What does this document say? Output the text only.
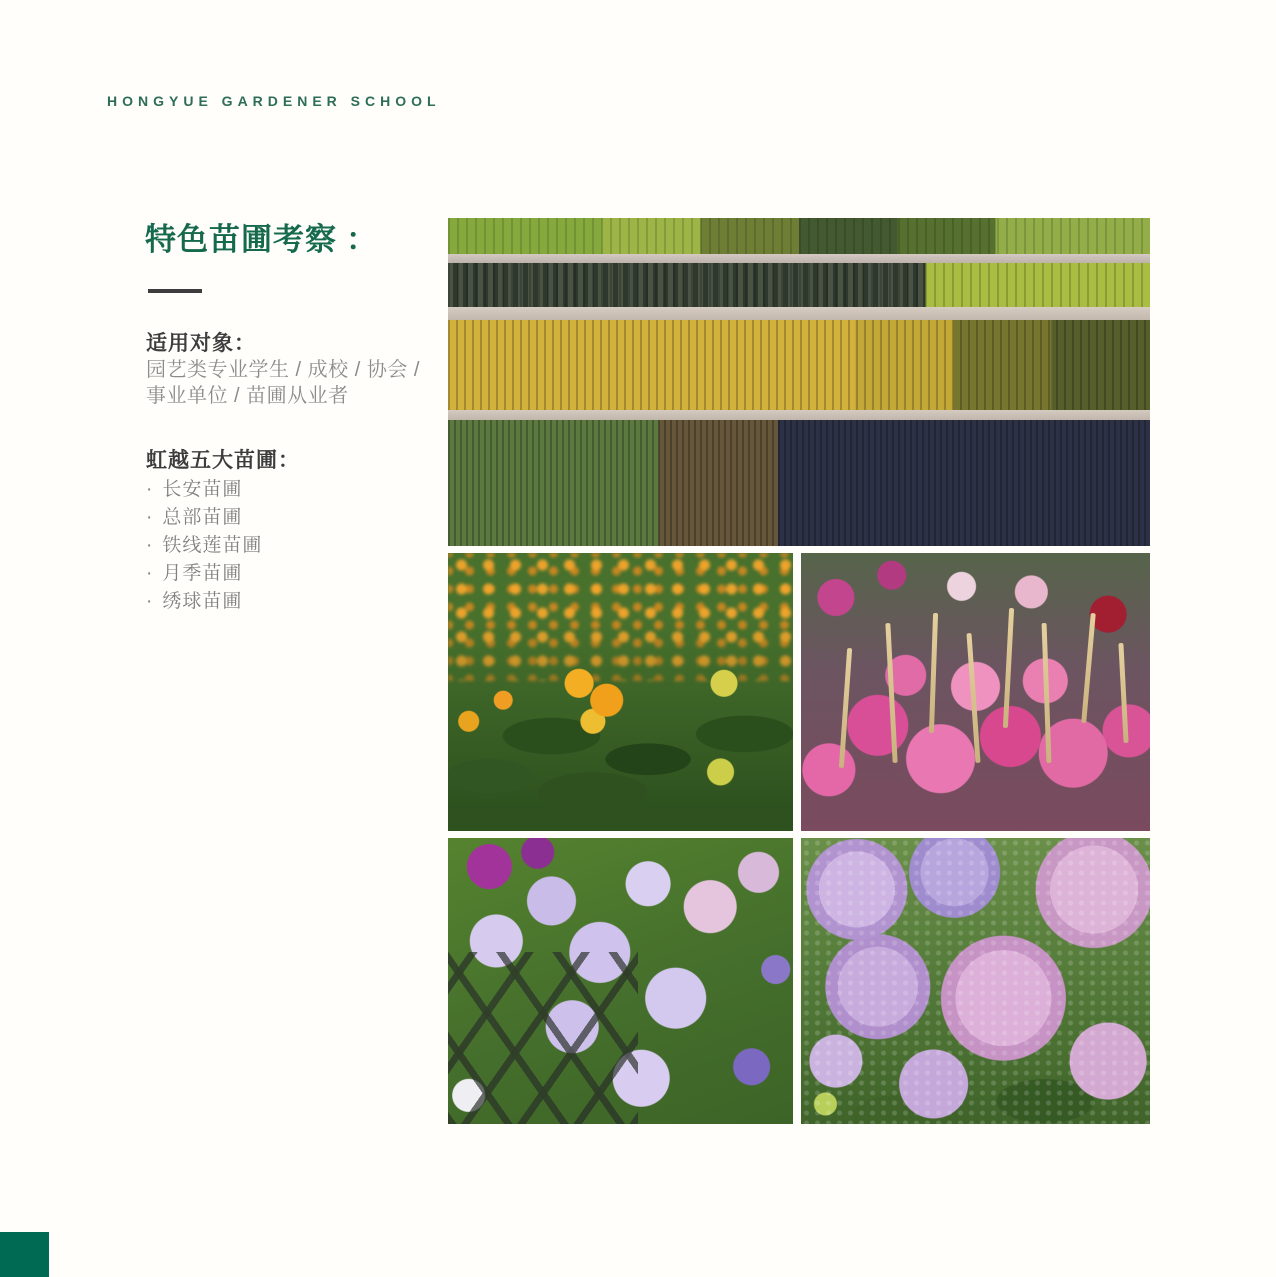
HONGYUE GARDENER SCHOOL
特色苗圃考察 ：
适用对象：
园艺类专业学生 / 成校 / 协会 /
事业单位 / 苗圃从业者
虹越五大苗圃：
· 长安苗圃
· 总部苗圃
· 铁线莲苗圃
· 月季苗圃
· 绣球苗圃
